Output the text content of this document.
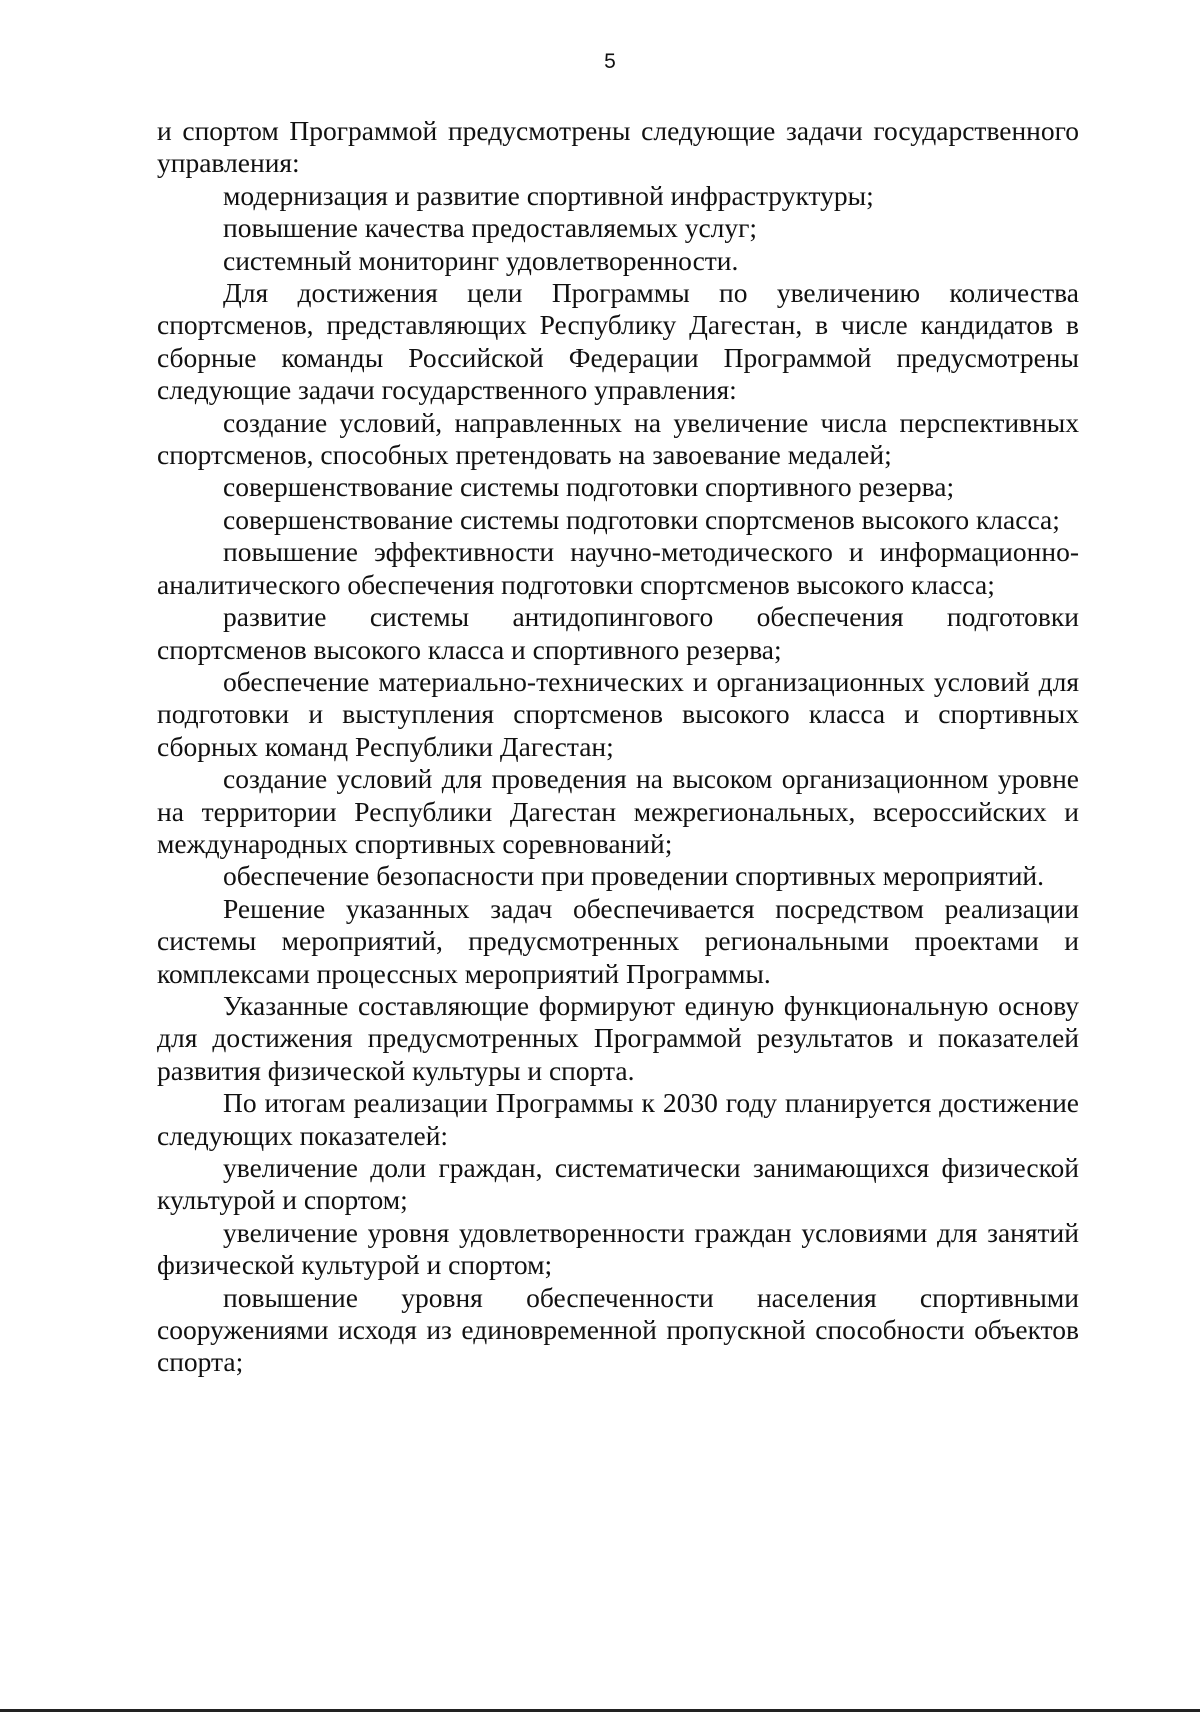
5

и спортом Программой предусмотрены следующие задачи государственного управления:

модернизация и развитие спортивной инфраструктуры;

повышение качества предоставляемых услуг;

системный мониторинг удовлетворенности.

Для достижения цели Программы по увеличению количества спортсменов, представляющих Республику Дагестан, в числе кандидатов в сборные команды Российской Федерации Программой предусмотрены следующие задачи государственного управления:

создание условий, направленных на увеличение числа перспективных спортсменов, способных претендовать на завоевание медалей;

совершенствование системы подготовки спортивного резерва;

совершенствование системы подготовки спортсменов высокого класса;

повышение эффективности научно-методического и информационно-аналитического обеспечения подготовки спортсменов высокого класса;

развитие системы антидопингового обеспечения подготовки спортсменов высокого класса и спортивного резерва;

обеспечение материально-технических и организационных условий для подготовки и выступления спортсменов высокого класса и спортивных сборных команд Республики Дагестан;

создание условий для проведения на высоком организационном уровне на территории Республики Дагестан межрегиональных, всероссийских и международных спортивных соревнований;

обеспечение безопасности при проведении спортивных мероприятий.

Решение указанных задач обеспечивается посредством реализации системы мероприятий, предусмотренных региональными проектами и комплексами процессных мероприятий Программы.

Указанные составляющие формируют единую функциональную основу для достижения предусмотренных Программой результатов и показателей развития физической культуры и спорта.

По итогам реализации Программы к 2030 году планируется достижение следующих показателей:

увеличение доли граждан, систематически занимающихся физической культурой и спортом;

увеличение уровня удовлетворенности граждан условиями для занятий физической культурой и спортом;

повышение уровня обеспеченности населения спортивными сооружениями исходя из единовременной пропускной способности объектов спорта;
